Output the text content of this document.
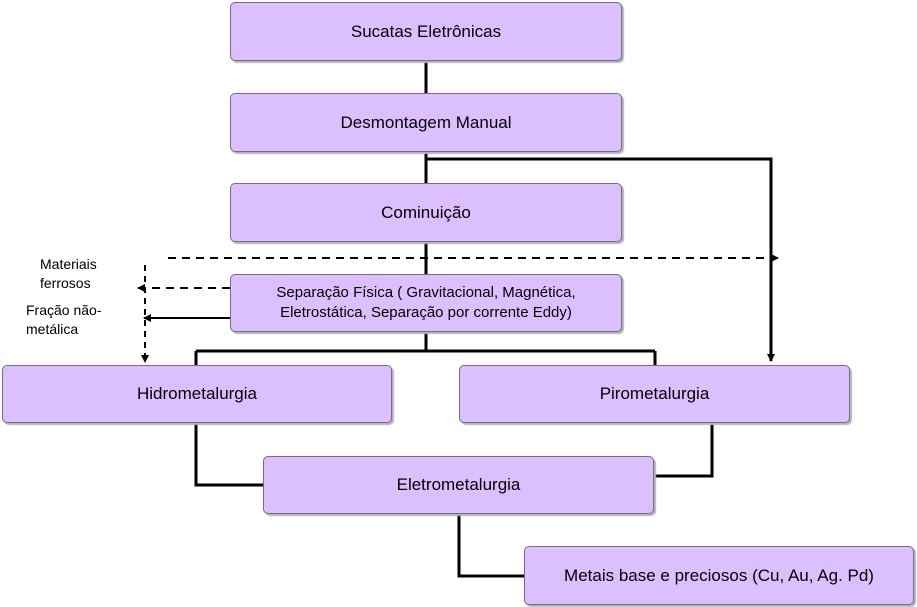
Sucatas Eletrônicas
Desmontagem Manual
Cominuição
Separação Física ( Gravitacional, Magnética,
Eletrostática, Separação por corrente Eddy)
Hidrometalurgia	Pirometalurgia
Eletrometalurgia
Metais base e preciosos (Cu, Au, Ag. Pd)
Materiais
ferrosos
Fração não-
metálica
